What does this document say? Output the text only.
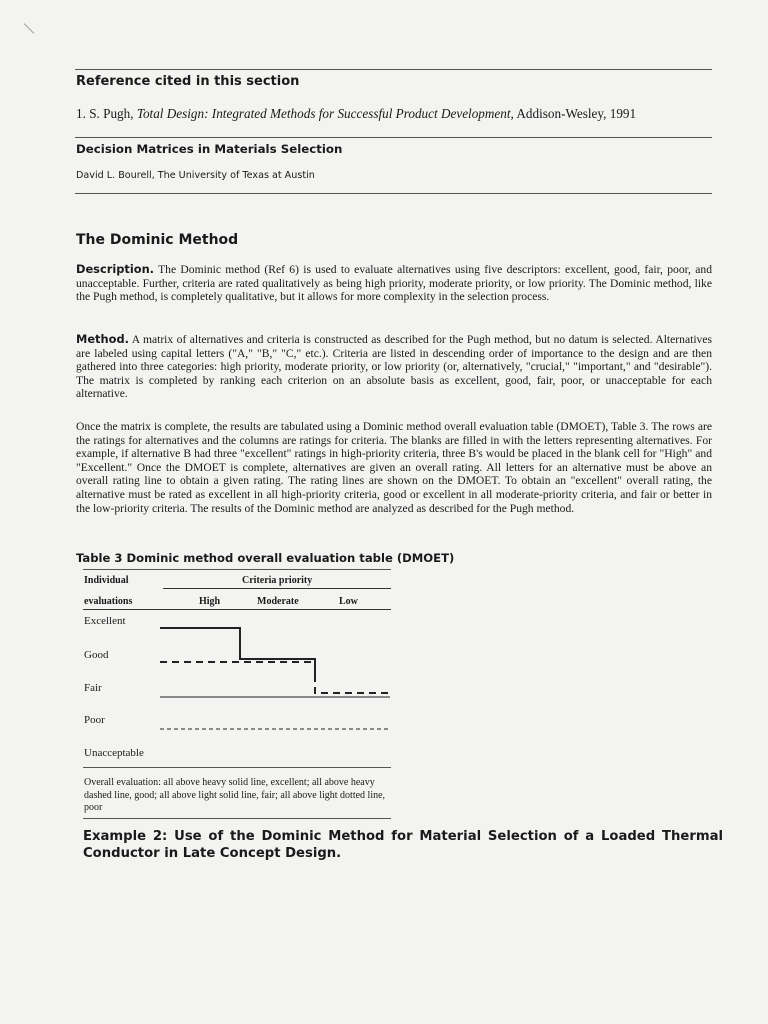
Reference cited in this section
1. S. Pugh, Total Design: Integrated Methods for Successful Product Development, Addison-Wesley, 1991
Decision Matrices in Materials Selection
David L. Bourell, The University of Texas at Austin
The Dominic Method
Description. The Dominic method (Ref 6) is used to evaluate alternatives using five descriptors: excellent, good, fair, poor, and unacceptable. Further, criteria are rated qualitatively as being high priority, moderate priority, or low priority. The Dominic method, like the Pugh method, is completely qualitative, but it allows for more complexity in the selection process.
Method. A matrix of alternatives and criteria is constructed as described for the Pugh method, but no datum is selected. Alternatives are labeled using capital letters ("A," "B," "C," etc.). Criteria are listed in descending order of importance to the design and are then gathered into three categories: high priority, moderate priority, or low priority (or, alternatively, "crucial," "important," and "desirable"). The matrix is completed by ranking each criterion on an absolute basis as excellent, good, fair, poor, or unacceptable for each alternative.
Once the matrix is complete, the results are tabulated using a Dominic method overall evaluation table (DMOET), Table 3. The rows are the ratings for alternatives and the columns are ratings for criteria. The blanks are filled in with the letters representing alternatives. For example, if alternative B had three "excellent" ratings in high-priority criteria, three B's would be placed in the blank cell for "High" and "Excellent." Once the DMOET is complete, alternatives are given an overall rating. All letters for an alternative must be above an overall rating line to obtain a given rating. The rating lines are shown on the DMOET. To obtain an "excellent" overall rating, the alternative must be rated as excellent in all high-priority criteria, good or excellent in all moderate-priority criteria, and fair or better in the low-priority criteria. The results of the Dominic method are analyzed as described for the Pugh method.
Table 3 Dominic method overall evaluation table (DMOET)
Individual
evaluations
Criteria priority
High	Moderate	Low
Excellent
Good
Fair
Poor
Unacceptable
Overall evaluation: all above heavy solid line, excellent; all above heavy dashed line, good; all above light solid line, fair; all above light dotted line, poor
Example 2: Use of the Dominic Method for Material Selection of a Loaded Thermal Conductor in Late Concept Design.
